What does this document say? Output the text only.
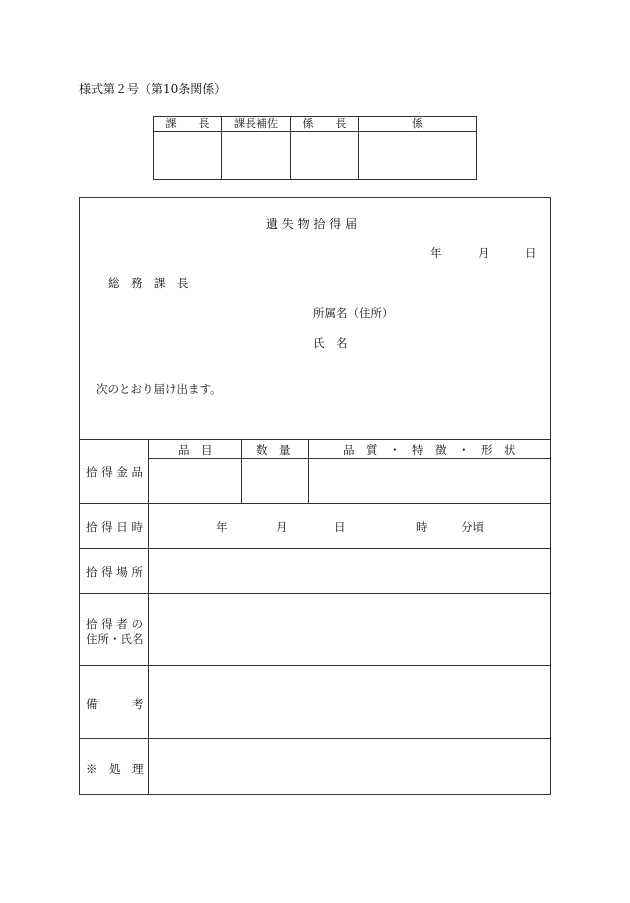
様式第２号（第10条関係）
課　　長	課長補佐	係　　長	係

遺 失 物 拾 得 届
年	月	日
総　務　課　長
所属名（住所）
氏　名
次のとおり届け出ます。
品　目	数　量	品　質　・　特　徴　・　形　状
拾 得 金 品
拾 得 日 時	年	月	日	時	分頃
拾 得 場 所
拾 得 者 の
住所・氏名
備　　　考
※　処　理
